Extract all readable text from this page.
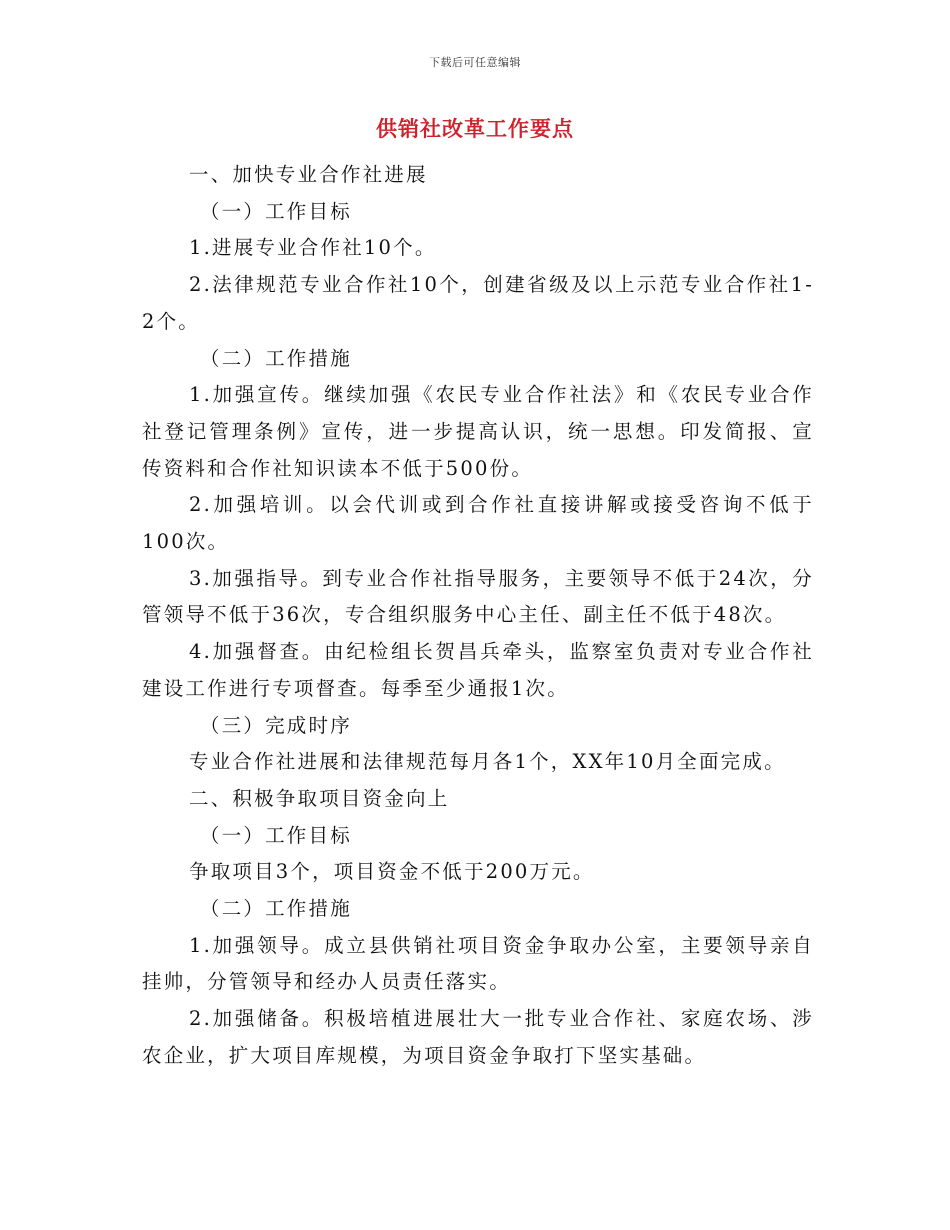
下载后可任意编辑
供销社改革工作要点

一、加快专业合作社进展

（一）工作目标

1.进展专业合作社10个。

2.法律规范专业合作社10个，创建省级及以上示范专业合作社1-2个。

（二）工作措施

1.加强宣传。继续加强《农民专业合作社法》和《农民专业合作社登记管理条例》宣传，进一步提高认识，统一思想。印发简报、宣传资料和合作社知识读本不低于500份。

2.加强培训。以会代训或到合作社直接讲解或接受咨询不低于100次。

3.加强指导。到专业合作社指导服务，主要领导不低于24次，分管领导不低于36次，专合组织服务中心主任、副主任不低于48次。

4.加强督查。由纪检组长贺昌兵牵头，监察室负责对专业合作社建设工作进行专项督查。每季至少通报1次。

（三）完成时序

专业合作社进展和法律规范每月各1个，XX年10月全面完成。

二、积极争取项目资金向上

（一）工作目标

争取项目3个，项目资金不低于200万元。

（二）工作措施

1.加强领导。成立县供销社项目资金争取办公室，主要领导亲自挂帅，分管领导和经办人员责任落实。

2.加强储备。积极培植进展壮大一批专业合作社、家庭农场、涉农企业，扩大项目库规模，为项目资金争取打下坚实基础。
